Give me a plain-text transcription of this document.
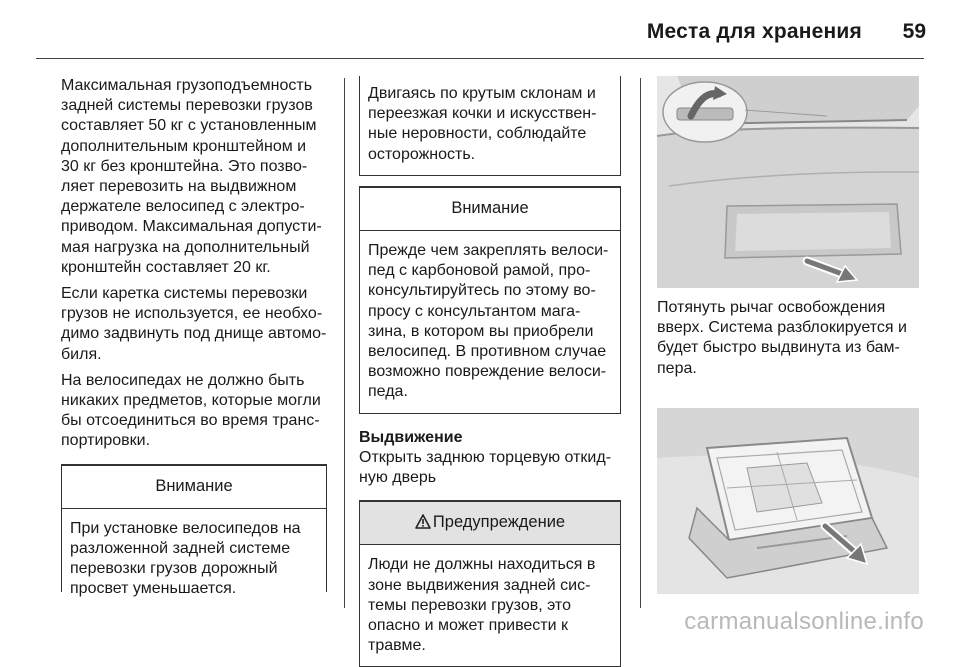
Места для хранения 59

Максимальная грузоподъемность задней системы перевозки грузов составляет 50 кг с установленным дополнительным кронштейном и 30 кг без кронштейна. Это позволяет перевозить на выдвижном держателе велосипед с электроприводом. Максимальная допустимая нагрузка на дополнительный кронштейн составляет 20 кг.

Если каретка системы перевозки грузов не используется, ее необходимо задвинуть под днище автомобиля.

На велосипедах не должно быть никаких предметов, которые могли бы отсоединиться во время транспортировки.

Внимание
При установке велосипедов на разложенной задней системе перевозки грузов дорожный просвет уменьшается.
Двигаясь по крутым склонам и переезжая кочки и искусственные неровности, соблюдайте осторожность.
Внимание
Прежде чем закреплять велосипед с карбоновой рамой, проконсультируйтесь по этому вопросу с консультантом магазина, в котором вы приобрели велосипед. В противном случае возможно повреждение велосипеда.
Выдвижение
Открыть заднюю торцевую откидную дверь
Предупреждение
Люди не должны находиться в зоне выдвижения задней системы перевозки грузов, это опасно и может привести к травме.
Потянуть рычаг освобождения вверх. Система разблокируется и будет быстро выдвинута из бампера.
carmanualsonline.info
